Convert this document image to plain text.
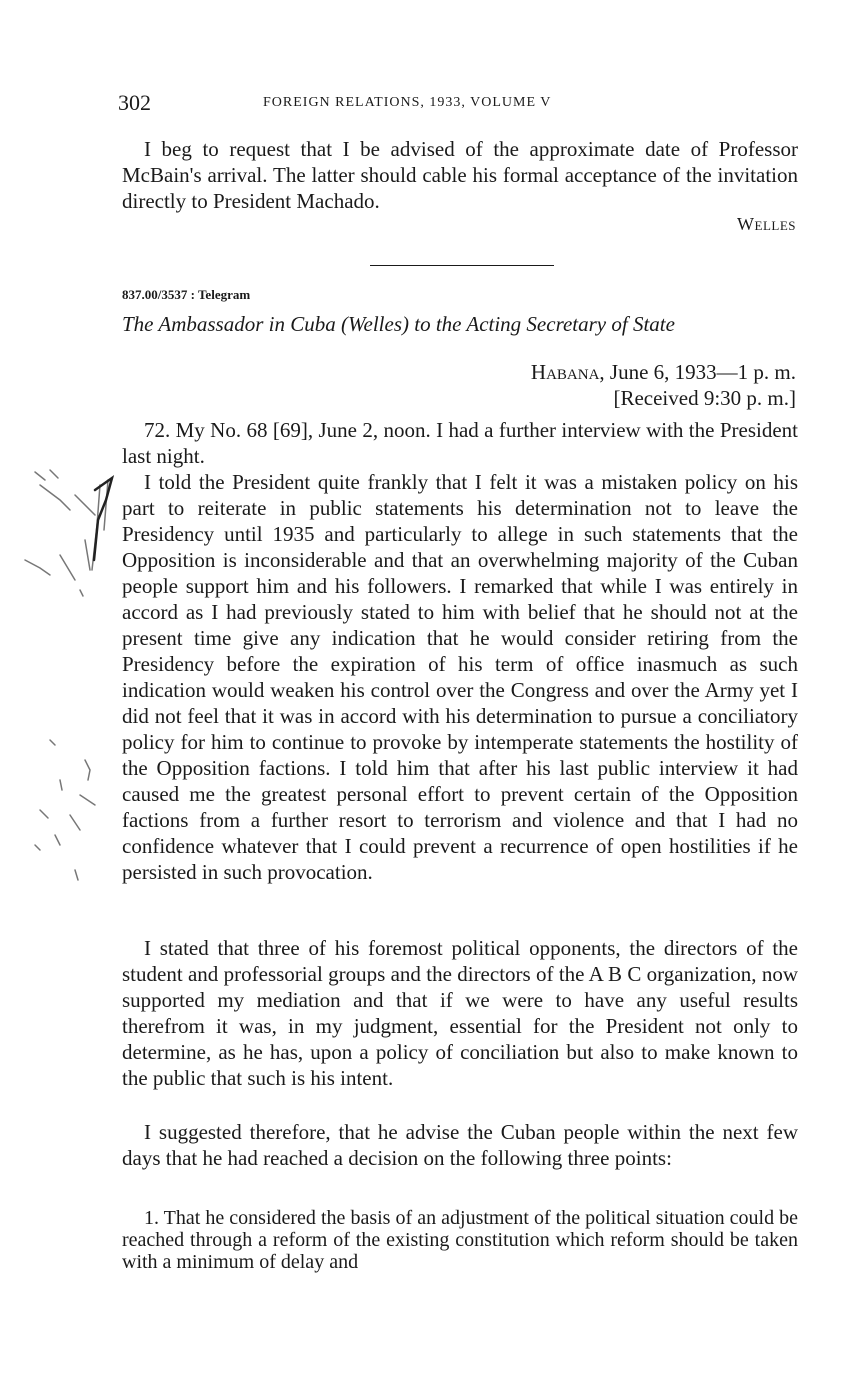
302	FOREIGN RELATIONS, 1933, VOLUME V

I beg to request that I be advised of the approximate date of Professor McBain's arrival. The latter should cable his formal acceptance of the invitation directly to President Machado.

Welles
837.00/3537 : Telegram
The Ambassador in Cuba (Welles) to the Acting Secretary of State
Habana, June 6, 1933—1 p. m.
[Received 9:30 p. m.]

72. My No. 68 [69], June 2, noon. I had a further interview with the President last night.

I told the President quite frankly that I felt it was a mistaken policy on his part to reiterate in public statements his determination not to leave the Presidency until 1935 and particularly to allege in such statements that the Opposition is inconsiderable and that an overwhelming majority of the Cuban people support him and his followers. I remarked that while I was entirely in accord as I had previously stated to him with belief that he should not at the present time give any indication that he would consider retiring from the Presidency before the expiration of his term of office inasmuch as such indication would weaken his control over the Congress and over the Army yet I did not feel that it was in accord with his determination to pursue a conciliatory policy for him to continue to provoke by intemperate statements the hostility of the Opposition factions. I told him that after his last public interview it had caused me the greatest personal effort to prevent certain of the Opposition factions from a further resort to terrorism and violence and that I had no confidence whatever that I could prevent a recurrence of open hostilities if he persisted in such provocation.

I stated that three of his foremost political opponents, the directors of the student and professorial groups and the directors of the A B C organization, now supported my mediation and that if we were to have any useful results therefrom it was, in my judgment, essential for the President not only to determine, as he has, upon a policy of conciliation but also to make known to the public that such is his intent.

I suggested therefore, that he advise the Cuban people within the next few days that he had reached a decision on the following three points:

1. That he considered the basis of an adjustment of the political situation could be reached through a reform of the existing constitution which reform should be taken with a minimum of delay and
